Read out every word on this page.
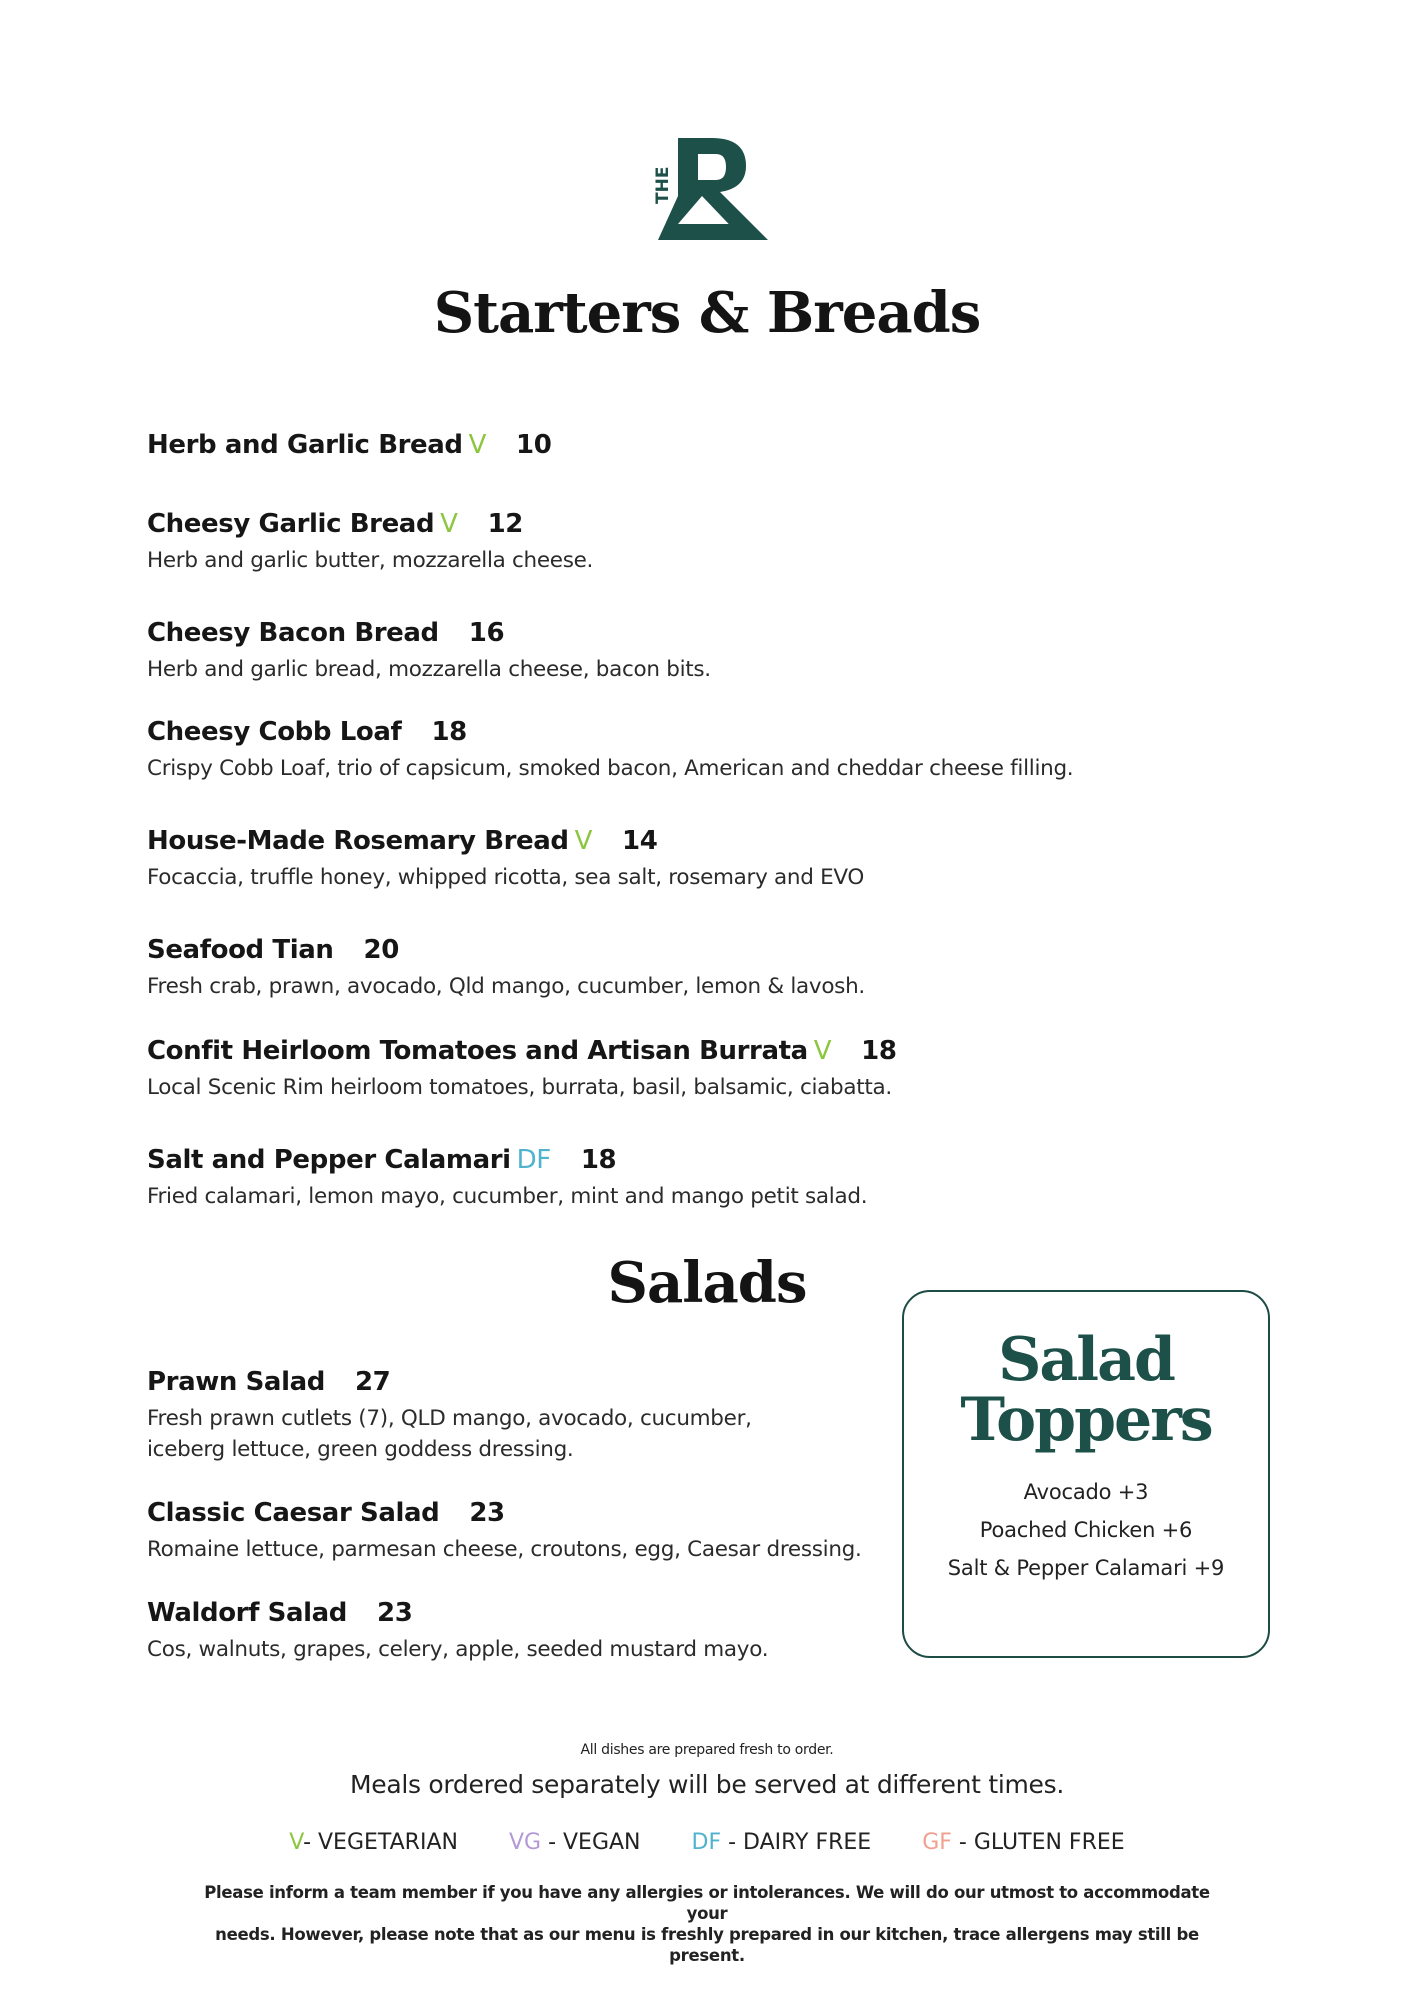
THE
Starters & Breads
Herb and Garlic Bread V 10
Cheesy Garlic Bread V 12
Herb and garlic butter, mozzarella cheese.
Cheesy Bacon Bread 16
Herb and garlic bread, mozzarella cheese, bacon bits.
Cheesy Cobb Loaf 18
Crispy Cobb Loaf, trio of capsicum, smoked bacon, American and cheddar cheese filling.
House-Made Rosemary Bread V 14
Focaccia, truffle honey, whipped ricotta, sea salt, rosemary and EVO
Seafood Tian 20
Fresh crab, prawn, avocado, Qld mango, cucumber, lemon & lavosh.
Confit Heirloom Tomatoes and Artisan Burrata V 18
Local Scenic Rim heirloom tomatoes, burrata, basil, balsamic, ciabatta.
Salt and Pepper Calamari DF 18
Fried calamari, lemon mayo, cucumber, mint and mango petit salad.
Salads
Prawn Salad 27
Fresh prawn cutlets (7), QLD mango, avocado, cucumber,
iceberg lettuce, green goddess dressing.
Classic Caesar Salad 23
Romaine lettuce, parmesan cheese, croutons, egg, Caesar dressing.
Waldorf Salad 23
Cos, walnuts, grapes, celery, apple, seeded mustard mayo.
Salad
Toppers
Avocado +3
Poached Chicken +6
Salt & Pepper Calamari +9
All dishes are prepared fresh to order.
Meals ordered separately will be served at different times.
V- VEGETARIAN VG - VEGAN DF - DAIRY FREE GF - GLUTEN FREE
Please inform a team member if you have any allergies or intolerances. We will do our utmost to accommodate your
needs. However, please note that as our menu is freshly prepared in our kitchen, trace allergens may still be present.
